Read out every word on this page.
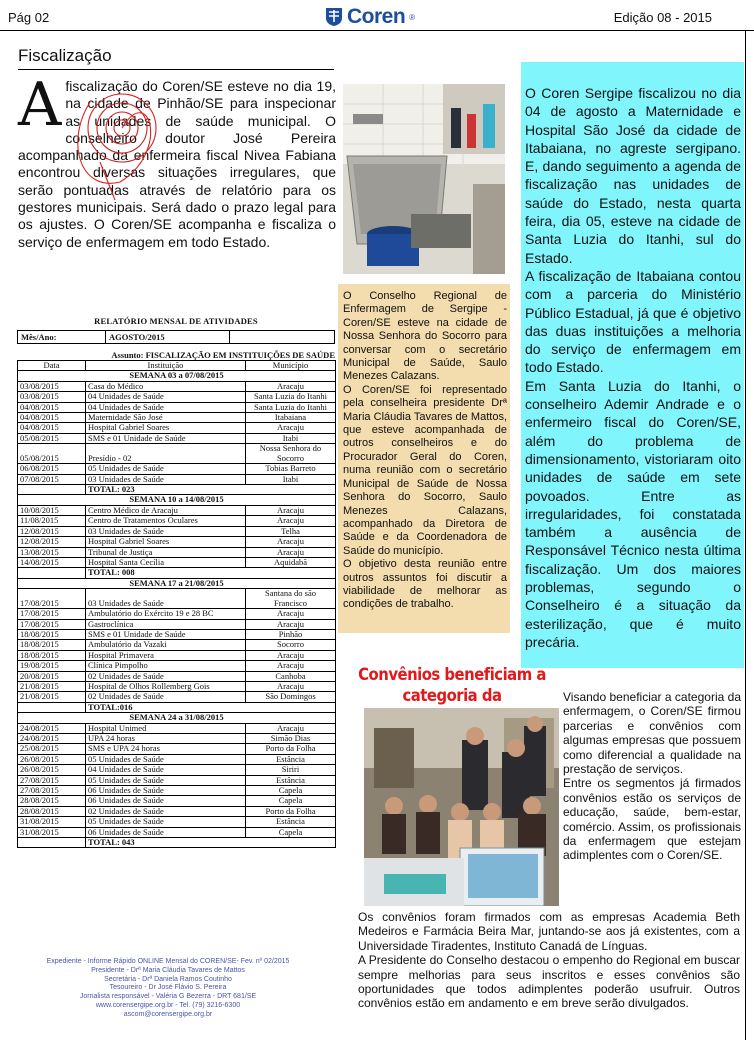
Pág 02	Coren ®	Edição 08 - 2015
Fiscalização
A fiscalização do Coren/SE esteve no dia 19, na cidade de Pinhão/SE para inspecionar as unidades de saúde municipal. O conselheiro doutor José Pereira acompanhado da enfermeira fiscal Nivea Fabiana encontrou diversas situações irregulares, que serão pontuadas através de relatório para os gestores municipais. Será dado o prazo legal para os ajustes. O Coren/SE acompanha e fiscaliza o serviço de enfermagem em todo Estado.

O Coren Sergipe fiscalizou no dia 04 de agosto a Maternidade e Hospital São José da cidade de Itabaiana, no agreste sergipano. E, dando seguimento a agenda de fiscalização nas unidades de saúde do Estado, nesta quarta feira, dia 05, esteve na cidade de Santa Luzia do Itanhi, sul do Estado.

A fiscalização de Itabaiana contou com a parceria do Ministério Público Estadual, já que é objetivo das duas instituições a melhoria do serviço de enfermagem em todo Estado.

Em Santa Luzia do Itanhi, o conselheiro Ademir Andrade e o enfermeiro fiscal do Coren/SE, além do problema de dimensionamento, vistoriaram oito unidades de saúde em sete povoados. Entre as irregularidades, foi constatada também a ausência de Responsável Técnico nesta última fiscalização. Um dos maiores problemas, segundo o Conselheiro é a situação da esterilização, que é muito precária.

O Conselho Regional de Enfermagem de Sergipe - Coren/SE esteve na cidade de Nossa Senhora do Socorro para conversar com o secretário Municipal de Saúde, Saulo Menezes Calazans.

O Coren/SE foi representado pela conselheira presidente Drª Maria Cláudia Tavares de Mattos, que esteve acompanhada de outros conselheiros e do Procurador Geral do Coren, numa reunião com o secretário Municipal de Saúde de Nossa Senhora do Socorro, Saulo Menezes Calazans, acompanhado da Diretora de Saúde e da Coordenadora de Saúde do município.

O objetivo desta reunião entre outros assuntos foi discutir a viabilidade de melhorar as condições de trabalho.

RELATÓRIO MENSAL DE ATIVIDADES
Mês/Ano:	AGOSTO/2015
Assunto: FISCALIZAÇÃO EM INSTITUIÇÕES DE SAÚDE
Data	Instituição	Município
SEMANA 03 a 07/08/2015		
03/08/2015	Casa do Médico	Aracaju
03/08/2015	04 Unidades de Saúde	Santa Luzia do Itanhi
04/08/2015	04 Unidades de Saúde	Santa Luzia do Itanhi
04/08/2015	Maternidade São José	Itabaiana
04/08/2015	Hospital Gabriel Soares	Aracaju
05/08/2015	SMS e 01 Unidade de Saúde	Itabi
05/08/2015	Presídio - 02	Nossa Senhora do Socorro
06/08/2015	05 Unidades de Saúde	Tobias Barreto
07/08/2015	03 Unidades de Saúde	Itabi
	TOTAL: 023	
SEMANA 10 a 14/08/2015		
10/08/2015	Centro Médico de Aracaju	Aracaju
11/08/2015	Centro de Tratamentos Oculares	Aracaju
12/08/2015	03 Unidades de Saúde	Telha
12/08/2015	Hospital Gabriel Soares	Aracaju
13/08/2015	Tribunal de Justiça	Aracaju
14/08/2015	Hospital Santa Cecília	Aquidabã
	TOTAL: 008	
SEMANA 17 a 21/08/2015		
17/08/2015	03 Unidades de Saúde	Santana do são Francisco
17/08/2015	Ambulatório do Exército 19 e 28 BC	Aracaju
17/08/2015	Gastroclínica	Aracaju
18/08/2015	SMS e 01 Unidade de Saúde	Pinhão
18/08/2015	Ambulatório da Vazaki	Socorro
18/08/2015	Hospital Primavera	Aracaju
19/08/2015	Clínica Pimpolho	Aracaju
20/08/2015	02 Unidades de Saúde	Canhoba
21/08/2015	Hospital de Olhos Rollemberg Gois	Aracaju
21/08/2015	02 Unidades de Saúde	São Domingos
	TOTAL:016	
SEMANA 24 a 31/08/2015		
24/08/2015	Hospital Unimed	Aracaju
24/08/2015	UPA 24 horas	Simão Dias
25/08/2015	SMS e UPA 24 horas	Porto da Folha
26/08/2015	05 Unidades de Saúde	Estância
26/08/2015	04 Unidades de Saúde	Siriri
27/08/2015	05 Unidades de Saúde	Estância
27/08/2015	06 Unidades de Saúde	Capela
28/08/2015	06 Unidades de Saúde	Capela
28/08/2015	02 Unidades de Saúde	Porto da Folha
31/08/2015	05 Unidades de Saúde	Estância
31/08/2015	06 Unidades de Saúde	Capela
	TOTAL: 043	
Expediente - Informe Rápido ONLINE Mensal do COREN/SE- Fev. nº 02/2015
Presidente - Drª Maria Cláudia Tavares de Mattos
Secretária - Drª Daniela Ramos Coutinho
Tesoureiro - Dr José Flávio S. Pereira
Jornalista responsável - Valéria G Bezerra - DRT 681/SE
www.corensergipe.org.br - Tel. (79) 3216-6300
ascom@corensergipe.org.br
Convênios beneficiam a categoria da	Visando beneficiar a categoria da enfermagem, o Coren/SE firmou parcerias e convênios com algumas empresas que possuem como diferencial a qualidade na prestação de serviços.

Entre os segmentos já firmados convênios estão os serviços de educação, saúde, bem-estar, comércio. Assim, os profissionais da enfermagem que estejam adimplentes com o Coren/SE.

Os convênios foram firmados com as empresas Academia Beth Medeiros e Farmácia Beira Mar, juntando-se aos já existentes, com a Universidade Tiradentes, Instituto Canadá de Línguas.

A Presidente do Conselho destacou o empenho do Regional em buscar sempre melhorias para seus inscritos e esses convênios são oportunidades que todos adimplentes poderão usufruir. Outros convênios estão em andamento e em breve serão divulgados.
